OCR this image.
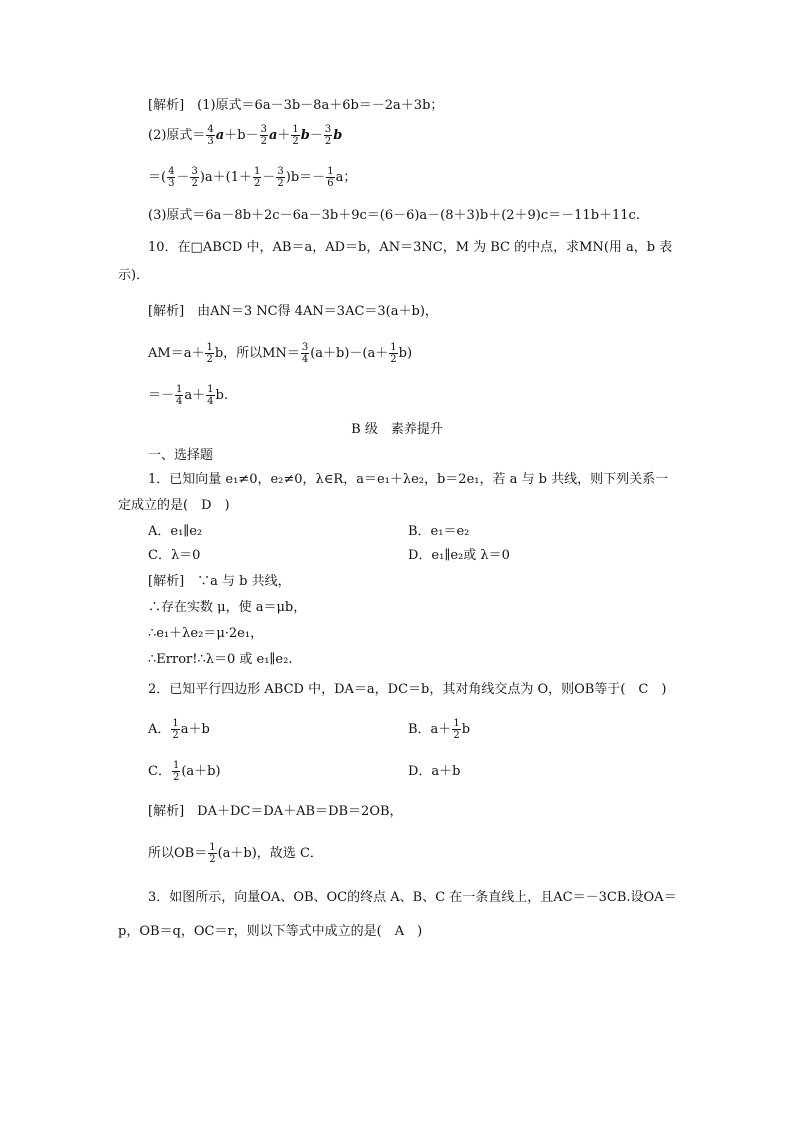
[解析]　(1)原式＝6a－3b－8a＋6b＝－2a＋3b；
(2)原式＝ $\frac{4}{3} a+b- \frac{3}{2} a+ \frac{1}{2} b- \frac{3}{2}$ b
＝( $\frac{4}{3} - \frac{3}{2} )a+(1+ \frac{1}{2} - \frac{3}{2} )b=- \frac{1}{6}$ a；
(3)原式＝6a－8b＋2c－6a－3b＋9c＝(6－6)a－(8＋3)b＋(2＋9)c＝－11b＋11c.
10．在□ABCD 中，AB＝a，AD＝b，AN＝3NC，M 为 BC 的中点，求MN(用 a，b 表
示)．
[解析]　由AN＝3 NC得 4AN＝3AC＝3(a＋b)，
$AM=a+ \frac{1}{2}$ b，所以$MN= \frac{3}{4} (a+b)-(a+ \frac{1}{2} b)$
＝－ $\frac{1}{4} a+ \frac{1}{4} b$.
B 级　素养提升
一、选择题
1．已知向量 e₁≠0，e₂≠0，λ∈R，a＝e₁＋λe₂，b＝2e₁，若 a 与 b 共线，则下列关系一
定成立的是(　D　)
A．e₁∥e₂	B．e₁＝e₂
C．λ＝0	D．e₁∥e₂或 λ＝0
[解析]　∵a 与 b 共线，
∴存在实数 μ，使 a＝μb，
∴e₁＋λe₂＝μ·2e₁，
∴Error!∴λ＝0 或 e₁∥e₂.
2．已知平行四边形 ABCD 中，DA＝a，DC＝b，其对角线交点为 O，则OB等于(　C　)
A． $\frac{1}{2} a+b$	B．$a+ \frac{1}{2}$ b
C． $\frac{1}{2} (a+b)$	D．a＋b
[解析]　DA＋DC＝DA＋AB＝DB＝2OB，
所以$OB= \frac{1}{2} (a+b)$，故选 C．
3．如图所示，向量OA、OB、OC的终点 A、B、C 在一条直线上，且AC＝－3CB.设OA＝
p，OB＝q，OC＝r，则以下等式中成立的是(　A　)
